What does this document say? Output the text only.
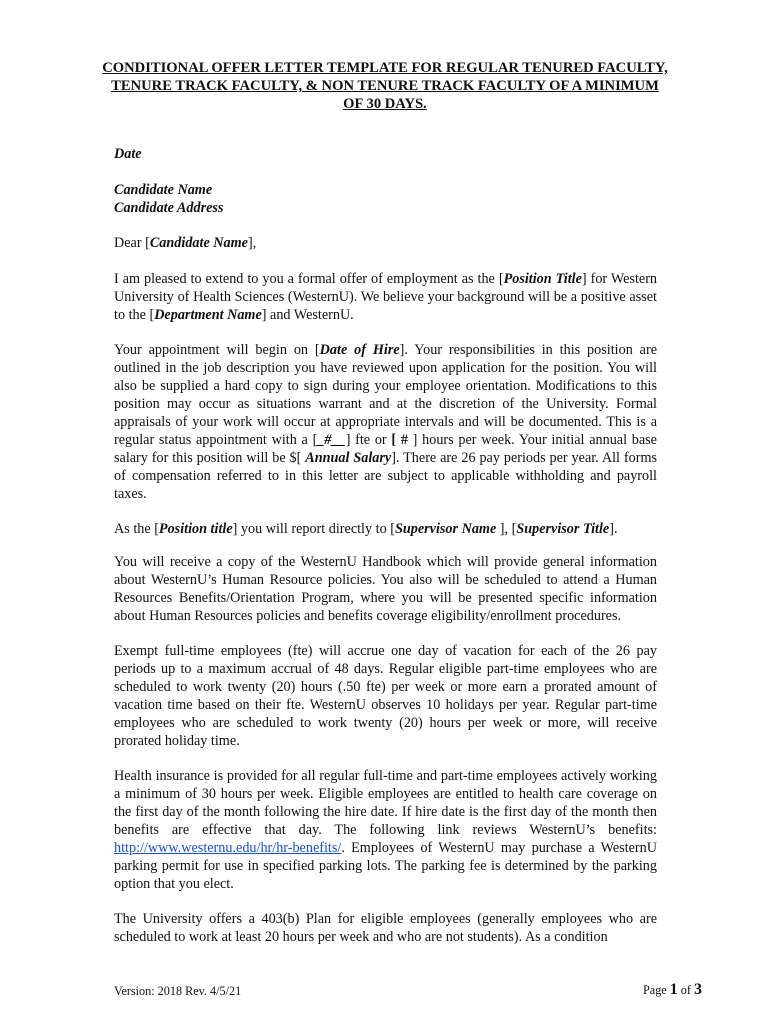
CONDITIONAL OFFER LETTER TEMPLATE FOR REGULAR TENURED FACULTY, TENURE TRACK FACULTY, & NON TENURE TRACK FACULTY OF A MINIMUM OF 30 DAYS.
Date
Candidate Name
Candidate Address
Dear [Candidate Name],
I am pleased to extend to you a formal offer of employment as the [Position Title] for Western University of Health Sciences (WesternU). We believe your background will be a positive asset to the [Department Name] and WesternU.
Your appointment will begin on [Date of Hire]. Your responsibilities in this position are outlined in the job description you have reviewed upon application for the position. You will also be supplied a hard copy to sign during your employee orientation. Modifications to this position may occur as situations warrant and at the discretion of the University. Formal appraisals of your work will occur at appropriate intervals and will be documented. This is a regular status appointment with a [_#__] fte or [ # ] hours per week. Your initial annual base salary for this position will be $[ Annual Salary]. There are 26 pay periods per year. All forms of compensation referred to in this letter are subject to applicable withholding and payroll taxes.
As the [Position title] you will report directly to [Supervisor Name ], [Supervisor Title].
You will receive a copy of the WesternU Handbook which will provide general information about WesternU’s Human Resource policies. You also will be scheduled to attend a Human Resources Benefits/Orientation Program, where you will be presented specific information about Human Resources policies and benefits coverage eligibility/enrollment procedures.
Exempt full-time employees (fte) will accrue one day of vacation for each of the 26 pay periods up to a maximum accrual of 48 days. Regular eligible part-time employees who are scheduled to work twenty (20) hours (.50 fte) per week or more earn a prorated amount of vacation time based on their fte. WesternU observes 10 holidays per year. Regular part-time employees who are scheduled to work twenty (20) hours per week or more, will receive prorated holiday time.
Health insurance is provided for all regular full-time and part-time employees actively working a minimum of 30 hours per week. Eligible employees are entitled to health care coverage on the first day of the month following the hire date. If hire date is the first day of the month then benefits are effective that day. The following link reviews WesternU’s benefits: http://www.westernu.edu/hr/hr-benefits/. Employees of WesternU may purchase a WesternU parking permit for use in specified parking lots. The parking fee is determined by the parking option that you elect.
The University offers a 403(b) Plan for eligible employees (generally employees who are scheduled to work at least 20 hours per week and who are not students). As a condition
Version: 2018 Rev. 4/5/21	Page 1 of 3
